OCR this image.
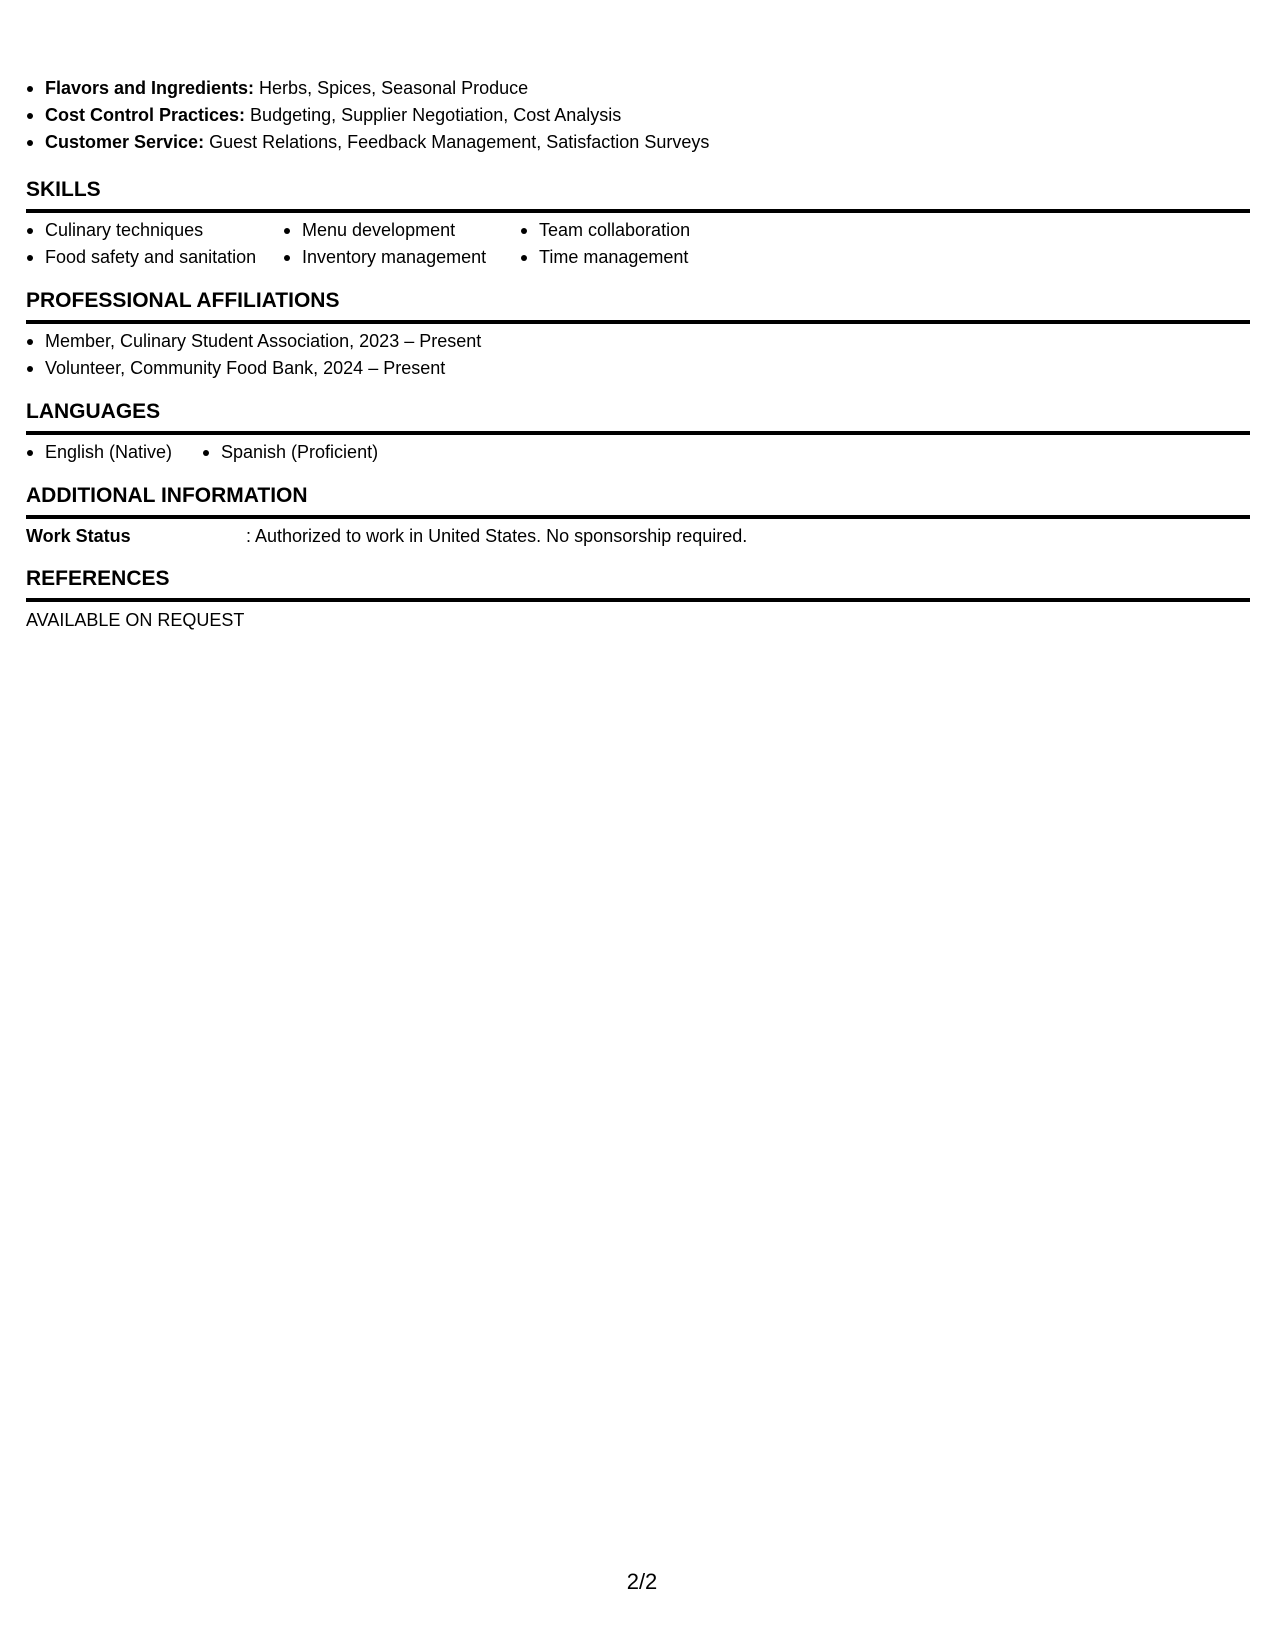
Flavors and Ingredients: Herbs, Spices, Seasonal Produce
Cost Control Practices: Budgeting, Supplier Negotiation, Cost Analysis
Customer Service: Guest Relations, Feedback Management, Satisfaction Surveys
SKILLS
Culinary techniques
Food safety and sanitation
Menu development
Inventory management
Team collaboration
Time management
PROFESSIONAL AFFILIATIONS
Member, Culinary Student Association, 2023 – Present
Volunteer, Community Food Bank, 2024 – Present
LANGUAGES
English (Native)	Spanish (Proficient)
ADDITIONAL INFORMATION
Work Status	: Authorized to work in United States. No sponsorship required.
REFERENCES
AVAILABLE ON REQUEST
2/2
